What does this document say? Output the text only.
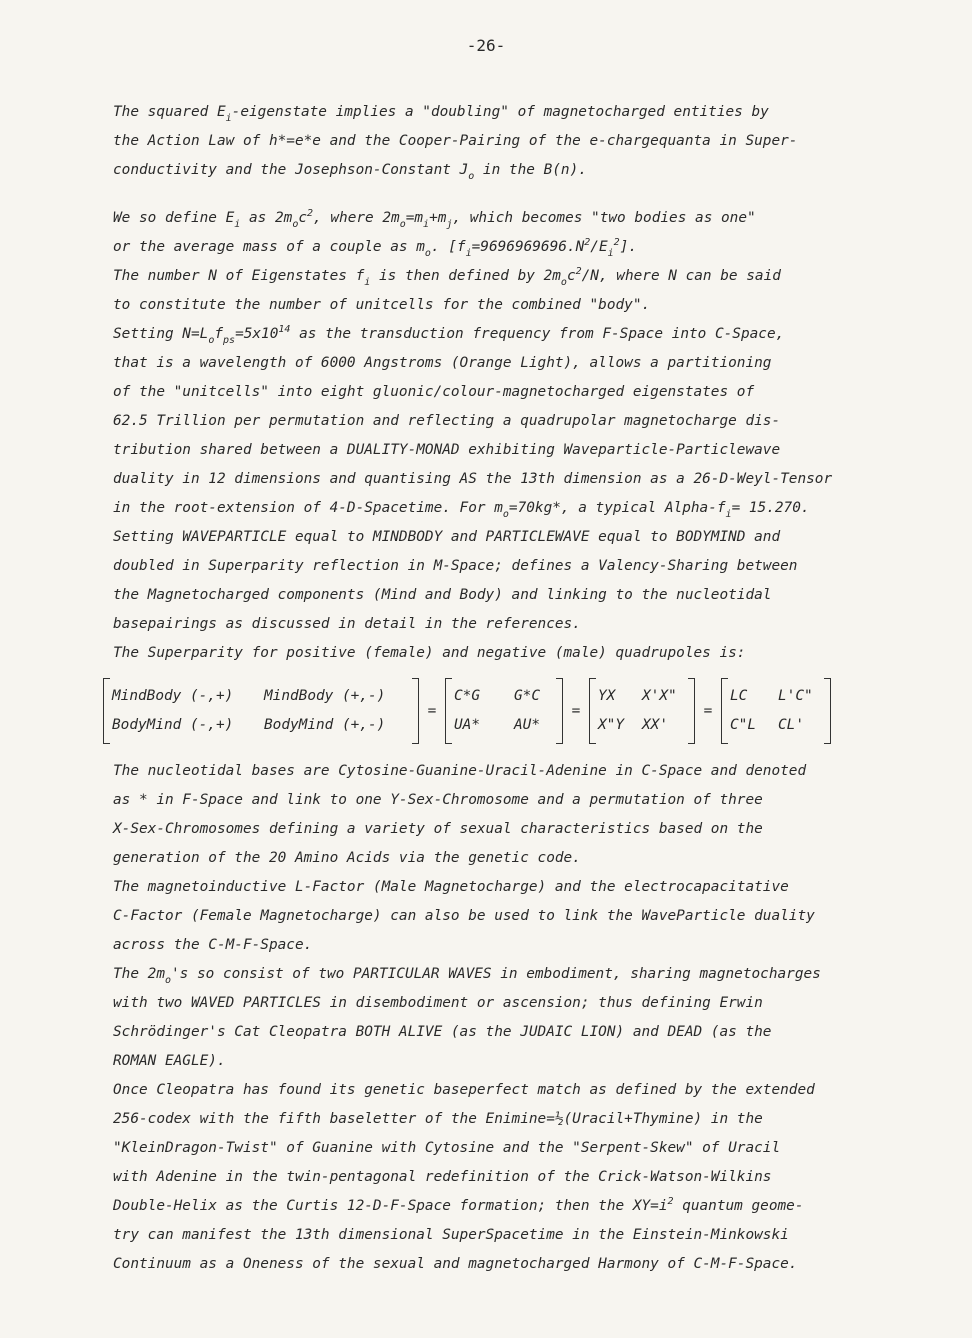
-26-
The squared $E_i$-eigenstate implies a "doubling" of magnetocharged entities by
the Action Law of h*=e*e and the Cooper-Pairing of the e-chargequanta in Super-
conductivity and the Josephson-Constant $J_o$ in the B(n).
We so define $E_i$ as $2m_oc^2$, where $2m_o=m_i+m_j$, which becomes "two bodies as one"
or the average mass of a couple as $m_o$. $[f_i=9696969696.N^2/E_i^2]$.
The number N of Eigenstates $f_i$ is then defined by $2m_oc^2/N$, where N can be said
to constitute the number of unitcells for the combined "body".
Setting $N=L_of_{ps}=5x10^{14}$ as the transduction frequency from F-Space into C-Space,
that is a wavelength of 6000 Angstroms (Orange Light), allows a partitioning
of the "unitcells" into eight gluonic/colour-magnetocharged eigenstates of
62.5 Trillion per permutation and reflecting a quadrupolar magnetocharge dis-
tribution shared between a DUALITY-MONAD exhibiting Waveparticle-Particlewave
duality in 12 dimensions and quantising AS the 13th dimension as a 26-D-Weyl-Tensor
in the root-extension of 4-D-Spacetime. For $m_o=70kg*$, a typical Alpha-$f_i= 15.270$.
Setting WAVEPARTICLE equal to MINDBODY and PARTICLEWAVE equal to BODYMIND and
doubled in Superparity reflection in M-Space; defines a Valency-Sharing between
the Magnetocharged components (Mind and Body) and linking to the nucleotidal
basepairings as discussed in detail in the references.
The Superparity for positive (female) and negative (male) quadrupoles is:
MindBody (-,+)	MindBody (+,-)
BodyMind (-,+)	BodyMind (+,-)
=
C*G	G*C
UA*	AU*
=
YX	X'X"
X"Y	XX'
=
LC	L'C"
C"L	CL'
The nucleotidal bases are Cytosine-Guanine-Uracil-Adenine in C-Space and denoted
as * in F-Space and link to one Y-Sex-Chromosome and a permutation of three
X-Sex-Chromosomes defining a variety of sexual characteristics based on the
generation of the 20 Amino Acids via the genetic code.
The magnetoinductive L-Factor (Male Magnetocharge) and the electrocapacitative
C-Factor (Female Magnetocharge) can also be used to link the WaveParticle duality
across the C-M-F-Space.
The $2m_o's$ so consist of two PARTICULAR WAVES in embodiment, sharing magnetocharges
with two WAVED PARTICLES in disembodiment or ascension; thus defining Erwin
Schrödinger's Cat Cleopatra BOTH ALIVE (as the JUDAIC LION) and DEAD (as the
ROMAN EAGLE).
Once Cleopatra has found its genetic baseperfect match as defined by the extended
256-codex with the fifth baseletter of the Enimine=½(Uracil+Thymine) in the
"KleinDragon-Twist" of Guanine with Cytosine and the "Serpent-Skew" of Uracil
with Adenine in the twin-pentagonal redefinition of the Crick-Watson-Wilkins
Double-Helix as the Curtis 12-D-F-Space formation; then the $XY=i^2$ quantum geome-
try can manifest the 13th dimensional SuperSpacetime in the Einstein-Minkowski
Continuum as a Oneness of the sexual and magnetocharged Harmony of C-M-F-Space.
